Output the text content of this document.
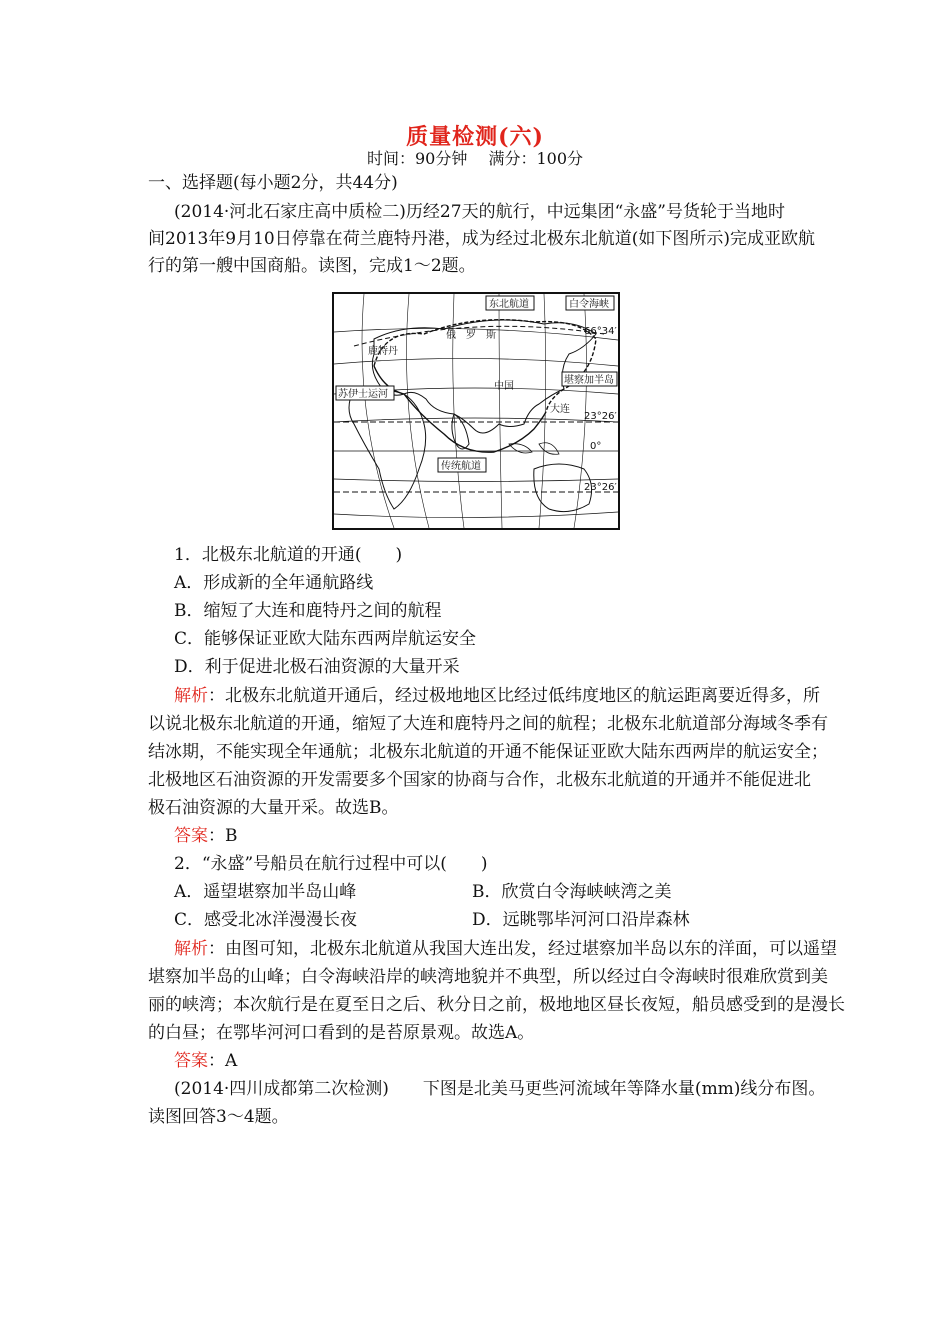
质量检测(六)
时间：90分钟 满分：100分
一、选择题(每小题2分，共44分)
(2014·河北石家庄高中质检二)历经27天的航行，中远集团“永盛”号货轮于当地时
间2013年9月10日停靠在荷兰鹿特丹港，成为经过北极东北航道(如下图所示)完成亚欧航
行的第一艘中国商船。读图，完成1～2题。
东北航道	白令海峡
鹿特丹
俄　罗　斯
堪察加半岛
中国
苏伊士运河
大连
传统航道
66°34′
23°26′
0°
23°26′
1．北极东北航道的开通(　　)
A．形成新的全年通航路线
B．缩短了大连和鹿特丹之间的航程
C．能够保证亚欧大陆东西两岸航运安全
D．利于促进北极石油资源的大量开采
解析：北极东北航道开通后，经过极地地区比经过低纬度地区的航运距离要近得多，所
以说北极东北航道的开通，缩短了大连和鹿特丹之间的航程；北极东北航道部分海域冬季有
结冰期，不能实现全年通航；北极东北航道的开通不能保证亚欧大陆东西两岸的航运安全；
北极地区石油资源的开发需要多个国家的协商与合作，北极东北航道的开通并不能促进北
极石油资源的大量开采。故选B。
答案：B
2．“永盛”号船员在航行过程中可以(　　)
A．遥望堪察加半岛山峰	B．欣赏白令海峡峡湾之美
C．感受北冰洋漫漫长夜	D．远眺鄂毕河河口沿岸森林
解析：由图可知，北极东北航道从我国大连出发，经过堪察加半岛以东的洋面，可以遥望
堪察加半岛的山峰；白令海峡沿岸的峡湾地貌并不典型，所以经过白令海峡时很难欣赏到美
丽的峡湾；本次航行是在夏至日之后、秋分日之前，极地地区昼长夜短，船员感受到的是漫长
的白昼；在鄂毕河河口看到的是苔原景观。故选A。
答案：A
(2014·四川成都第二次检测)　　下图是北美马更些河流域年等降水量(mm)线分布图。
读图回答3～4题。
